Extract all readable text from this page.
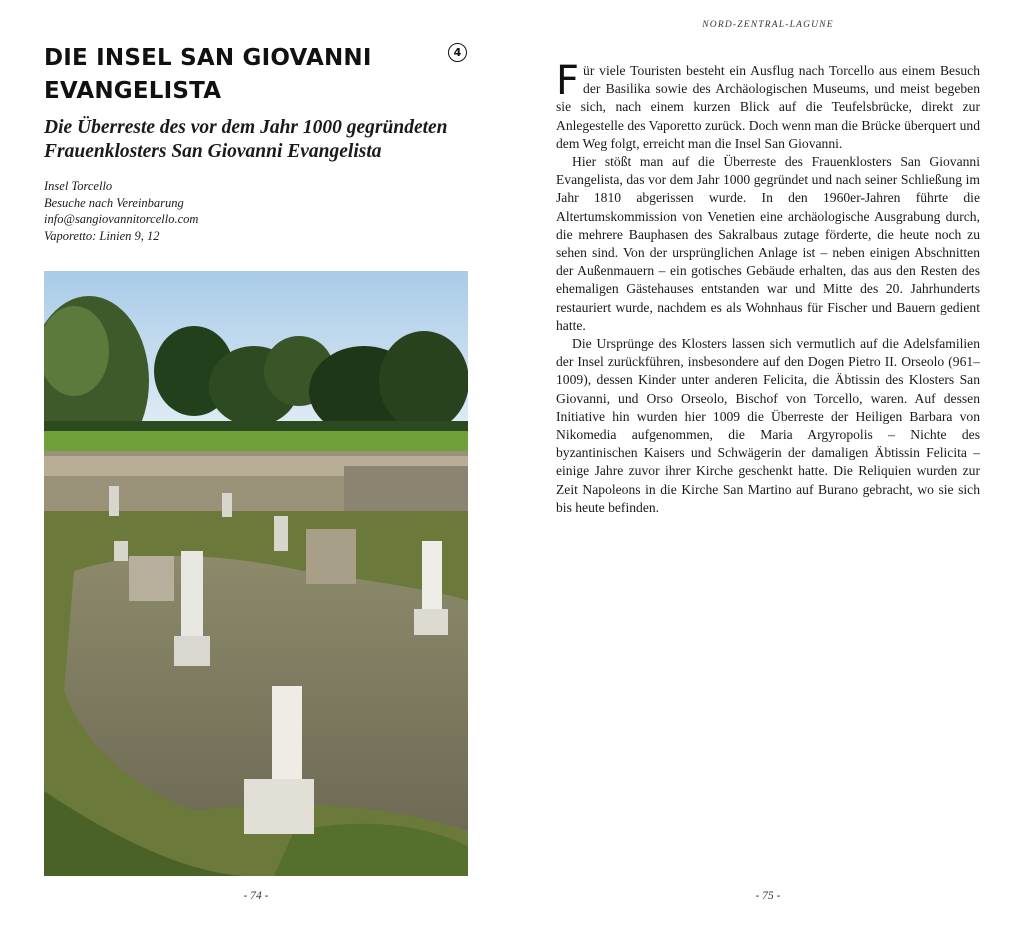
DIE INSEL SAN GIOVANNI EVANGELISTA
4
Die Überreste des vor dem Jahr 1000 gegründeten Frauenklosters San Giovanni Evangelista
Insel Torcello
Besuche nach Vereinbarung
info@sangiovannitorcello.com
Vaporetto: Linien 9, 12
- 74 -
NORD-ZENTRAL-LAGUNE

Für viele Touristen besteht ein Ausflug nach Torcello aus einem Besuch der Basilika sowie des Archäologischen Museums, und meist begeben sie sich, nach einem kurzen Blick auf die Teufelsbrücke, direkt zur Anlegestelle des Vaporetto zurück. Doch wenn man die Brücke überquert und dem Weg folgt, erreicht man die Insel San Giovanni.

Hier stößt man auf die Überreste des Frauenklosters San Giovanni Evangelista, das vor dem Jahr 1000 gegründet und nach seiner Schließung im Jahr 1810 abgerissen wurde. In den 1960er-Jahren führte die Altertumskommission von Venetien eine archäologische Ausgrabung durch, die mehrere Bauphasen des Sakralbaus zutage förderte, die heute noch zu sehen sind. Von der ursprünglichen Anlage ist – neben einigen Abschnitten der Außenmauern – ein gotisches Gebäude erhalten, das aus den Resten des ehemaligen Gästehauses entstanden war und Mitte des 20. Jahrhunderts restauriert wurde, nachdem es als Wohnhaus für Fischer und Bauern gedient hatte.

Die Ursprünge des Klosters lassen sich vermutlich auf die Adelsfamilien der Insel zurückführen, insbesondere auf den Dogen Pietro II. Orseolo (961–1009), dessen Kinder unter anderen Felicita, die Äbtissin des Klosters San Giovanni, und Orso Orseolo, Bischof von Torcello, waren. Auf dessen Initiative hin wurden hier 1009 die Überreste der Heiligen Barbara von Nikomedia aufgenommen, die Maria Argyropolis – Nichte des byzantinischen Kaisers und Schwägerin der damaligen Äbtissin Felicita – einige Jahre zuvor ihrer Kirche geschenkt hatte. Die Reliquien wurden zur Zeit Napoleons in die Kirche San Martino auf Burano gebracht, wo sie sich bis heute befinden.

- 75 -
